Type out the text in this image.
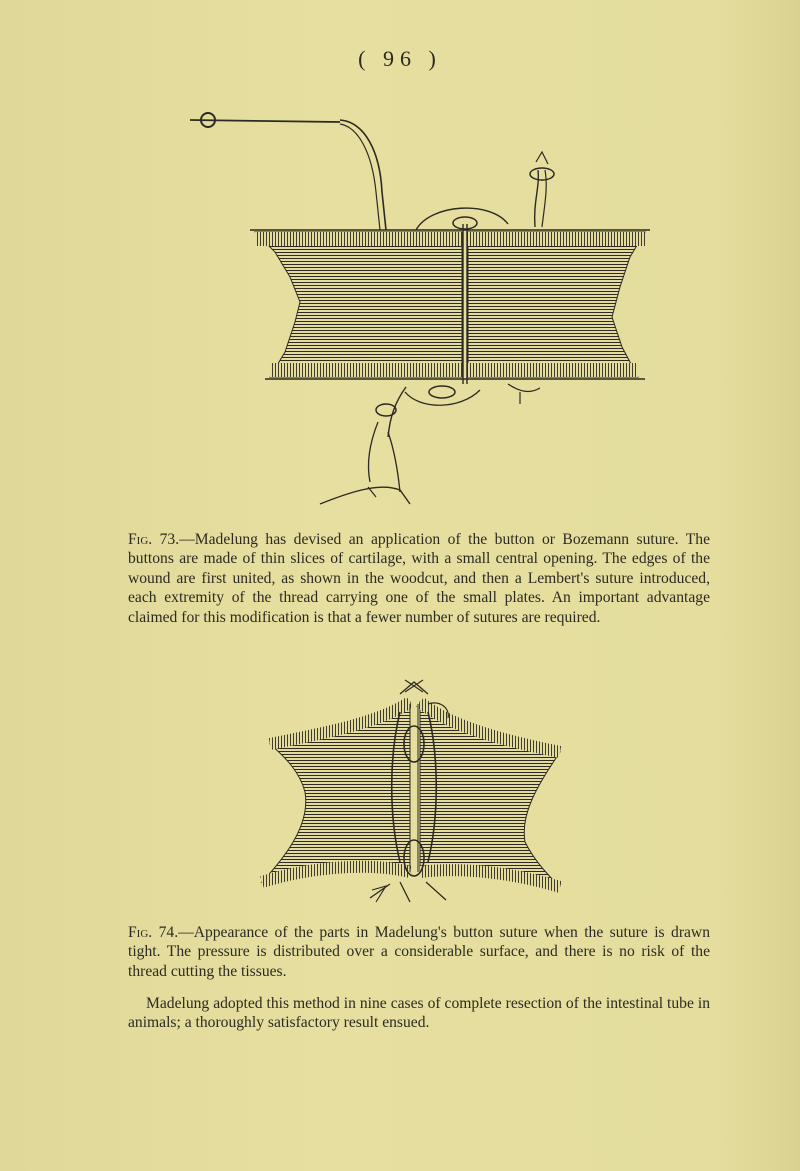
( 96 )

Fig. 73.—Madelung has devised an application of the button or Bozemann suture. The buttons are made of thin slices of cartilage, with a small central opening. The edges of the wound are first united, as shown in the woodcut, and then a Lembert's suture introduced, each extremity of the thread carrying one of the small plates. An important advantage claimed for this modification is that a fewer number of sutures are required.

Fig. 74.—Appearance of the parts in Madelung's button suture when the suture is drawn tight. The pressure is distributed over a considerable surface, and there is no risk of the thread cutting the tissues.

Madelung adopted this method in nine cases of complete resection of the intestinal tube in animals; a thoroughly satisfactory result ensued.
